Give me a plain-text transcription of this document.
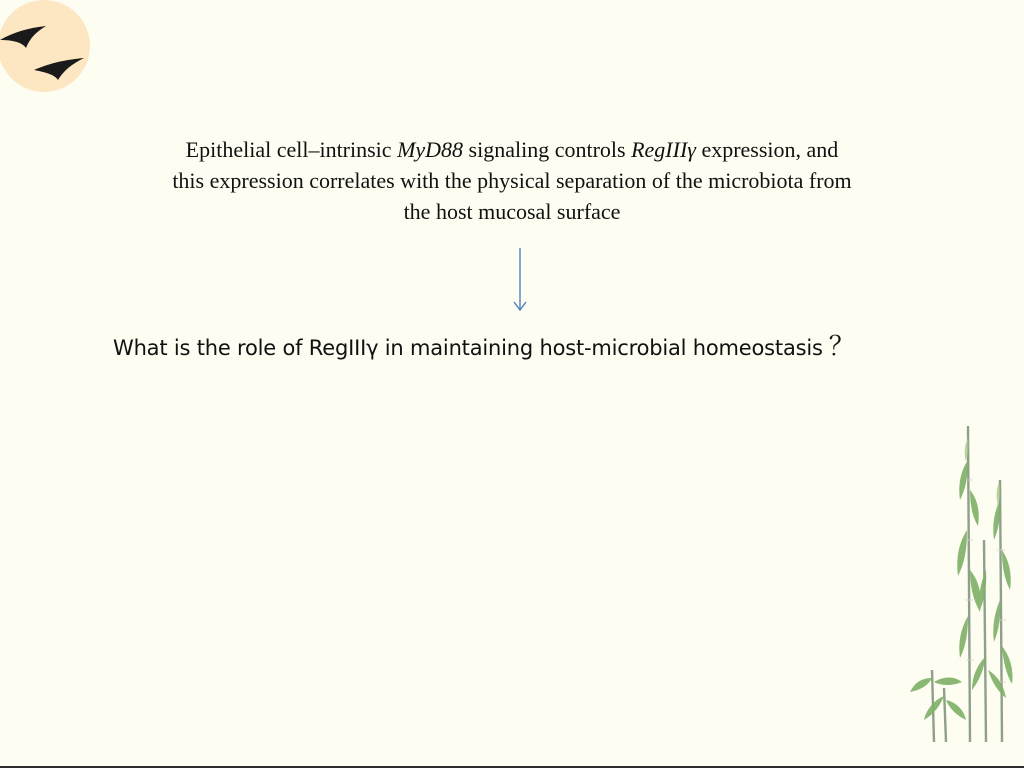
Epithelial cell–intrinsic MyD88 signaling controls RegIIIγ expression, and
this expression correlates with the physical separation of the microbiota from
the host mucosal surface
What is the role of RegIIIγ in maintaining host-microbial homeostasis ？
